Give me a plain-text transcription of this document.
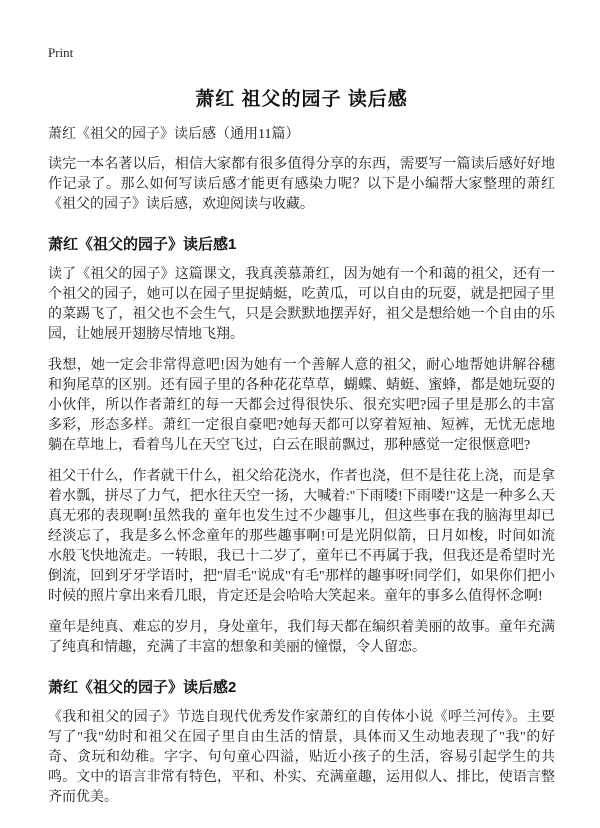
Print
萧红 祖父的园子 读后感
萧红《祖父的园子》读后感（通用11篇）

读完一本名著以后，相信大家都有很多值得分享的东西，需要写一篇读后感好好地作记录了。那么如何写读后感才能更有感染力呢？以下是小编帮大家整理的萧红《祖父的园子》读后感，欢迎阅读与收藏。

萧红《祖父的园子》读后感1

读了《祖父的园子》这篇课文，我真羡慕萧红，因为她有一个和蔼的祖父，还有一个祖父的园子，她可以在园子里捉蜻蜓，吃黄瓜，可以自由的玩耍，就是把园子里的菜踢飞了，祖父也不会生气，只是会默默地摆弄好，祖父是想给她一个自由的乐园，让她展开翅膀尽情地飞翔。

我想，她一定会非常得意吧!因为她有一个善解人意的祖父，耐心地帮她讲解谷穗和狗尾草的区别。还有园子里的各种花花草草，蝴蝶、蜻蜓、蜜蜂，都是她玩耍的小伙伴，所以作者萧红的每一天都会过得很快乐、很充实吧?园子里是那么的丰富多彩，形态多样。萧红一定很自豪吧?她每天都可以穿着短袖、短裤，无忧无虑地躺在草地上，看着鸟儿在天空飞过，白云在眼前飘过，那种感觉一定很惬意吧?

祖父干什么，作者就干什么，祖父给花浇水，作者也浇，但不是往花上浇，而是拿着水瓢，拼尽了力气，把水往天空一扬，大喊着:"下雨喽!下雨喽!"这是一种多么天真无邪的表现啊!虽然我的 童年也发生过不少趣事儿，但这些事在我的脑海里却已经淡忘了，我是多么怀念童年的那些趣事啊!可是光阴似箭，日月如梭，时间如流水般飞快地流走。一转眼，我已十二岁了，童年已不再属于我，但我还是希望时光倒流，回到牙牙学语时，把"眉毛"说成"有毛"那样的趣事呀!同学们，如果你们把小时候的照片拿出来看几眼，肯定还是会哈哈大笑起来。童年的事多么值得怀念啊!

童年是纯真、难忘的岁月，身处童年，我们每天都在编织着美丽的故事。童年充满了纯真和情趣，充满了丰富的想象和美丽的憧憬，令人留恋。

萧红《祖父的园子》读后感2

《我和祖父的园子》节选自现代优秀发作家萧红的自传体小说《呼兰河传》。主要写了"我"幼时和祖父在园子里自由生活的情景，具体而又生动地表现了"我"的好奇、贪玩和幼稚。字字、句句童心四溢，贴近小孩子的生活，容易引起学生的共鸣。文中的语言非常有特色，平和、朴实、充满童趣，运用似人、排比，使语言整齐而优美。
